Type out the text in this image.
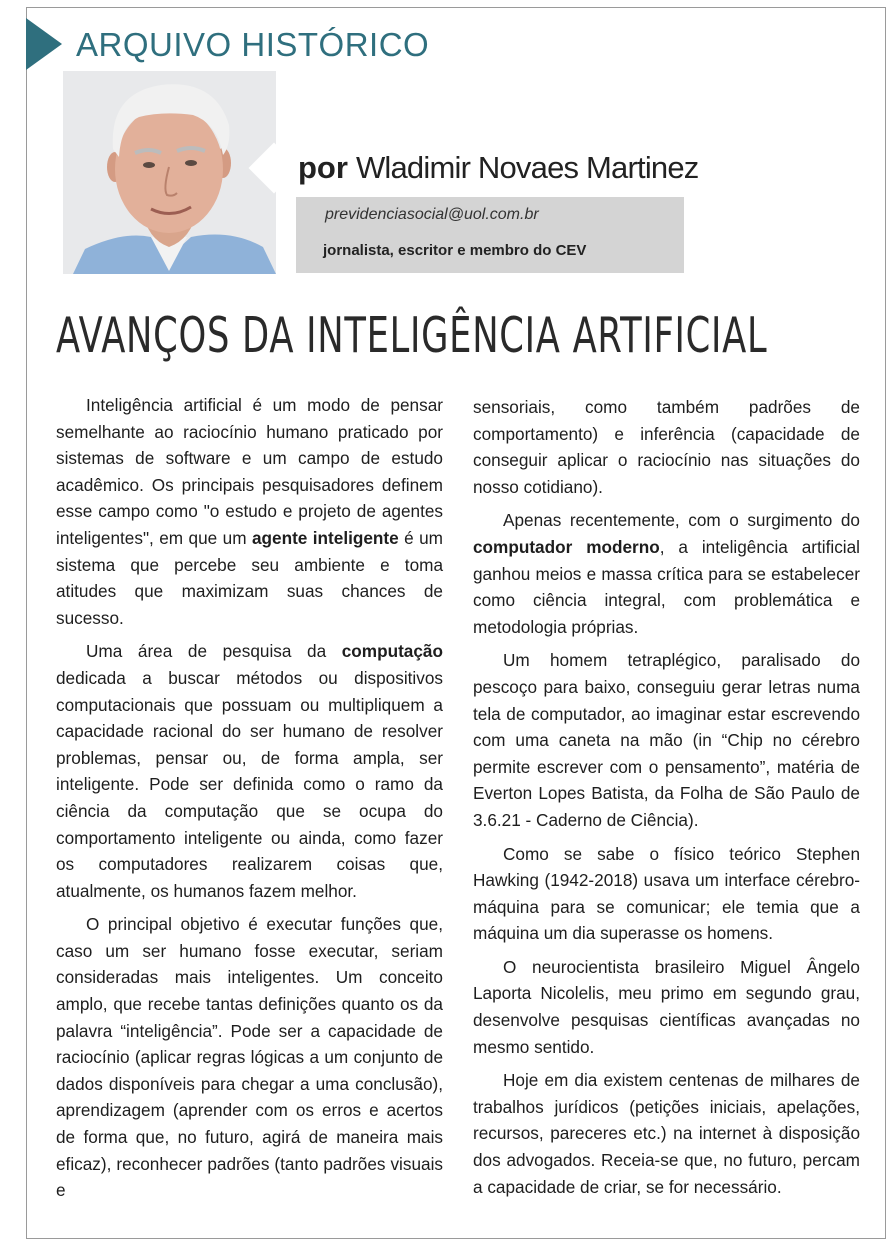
ARQUIVO HISTÓRICO
por Wladimir Novaes Martinez
previdenciasocial@uol.com.br
jornalista, escritor e membro do CEV
AVANÇOS DA INTELIGÊNCIA ARTIFICIAL

Inteligência artificial é um modo de pensar semelhante ao raciocínio humano praticado por sistemas de software e um campo de estudo acadêmico. Os principais pesquisadores definem esse campo como "o estudo e projeto de agentes inteligentes", em que um agente inteligente é um sistema que percebe seu ambiente e toma atitudes que maximizam suas chances de sucesso.

Uma área de pesquisa da computação dedicada a buscar métodos ou dispositivos computacionais que possuam ou multipliquem a capacidade racional do ser humano de resolver problemas, pensar ou, de forma ampla, ser inteligente. Pode ser definida como o ramo da ciência da computação que se ocupa do comportamento inteligente ou ainda, como fazer os computadores realizarem coisas que, atualmente, os humanos fazem melhor.

O principal objetivo é executar funções que, caso um ser humano fosse executar, seriam consideradas mais inteligentes. Um conceito amplo, que recebe tantas definições quanto os da palavra “inteligência”. Pode ser a capacidade de raciocínio (aplicar regras lógicas a um conjunto de dados disponíveis para chegar a uma conclusão), aprendizagem (aprender com os erros e acertos de forma que, no futuro, agirá de maneira mais eficaz), reconhecer padrões (tanto padrões visuais e

sensoriais, como também padrões de comportamento) e inferência (capacidade de conseguir aplicar o raciocínio nas situações do nosso cotidiano).

Apenas recentemente, com o surgimento do computador moderno, a inteligência artificial ganhou meios e massa crítica para se estabelecer como ciência integral, com problemática e metodologia próprias.

Um homem tetraplégico, paralisado do pescoço para baixo, conseguiu gerar letras numa tela de computador, ao imaginar estar escrevendo com uma caneta na mão (in “Chip no cérebro permite escrever com o pensamento”, matéria de Everton Lopes Batista, da Folha de São Paulo de 3.6.21 - Caderno de Ciência).

Como se sabe o físico teórico Stephen Hawking (1942-2018) usava um interface cérebro-máquina para se comunicar; ele temia que a máquina um dia superasse os homens.

O neurocientista brasileiro Miguel Ângelo Laporta Nicolelis, meu primo em segundo grau, desenvolve pesquisas científicas avançadas no mesmo sentido.

Hoje em dia existem centenas de milhares de trabalhos jurídicos (petições iniciais, apelações, recursos, pareceres etc.) na internet à disposição dos advogados. Receia-se que, no futuro, percam a capacidade de criar, se for necessário.
